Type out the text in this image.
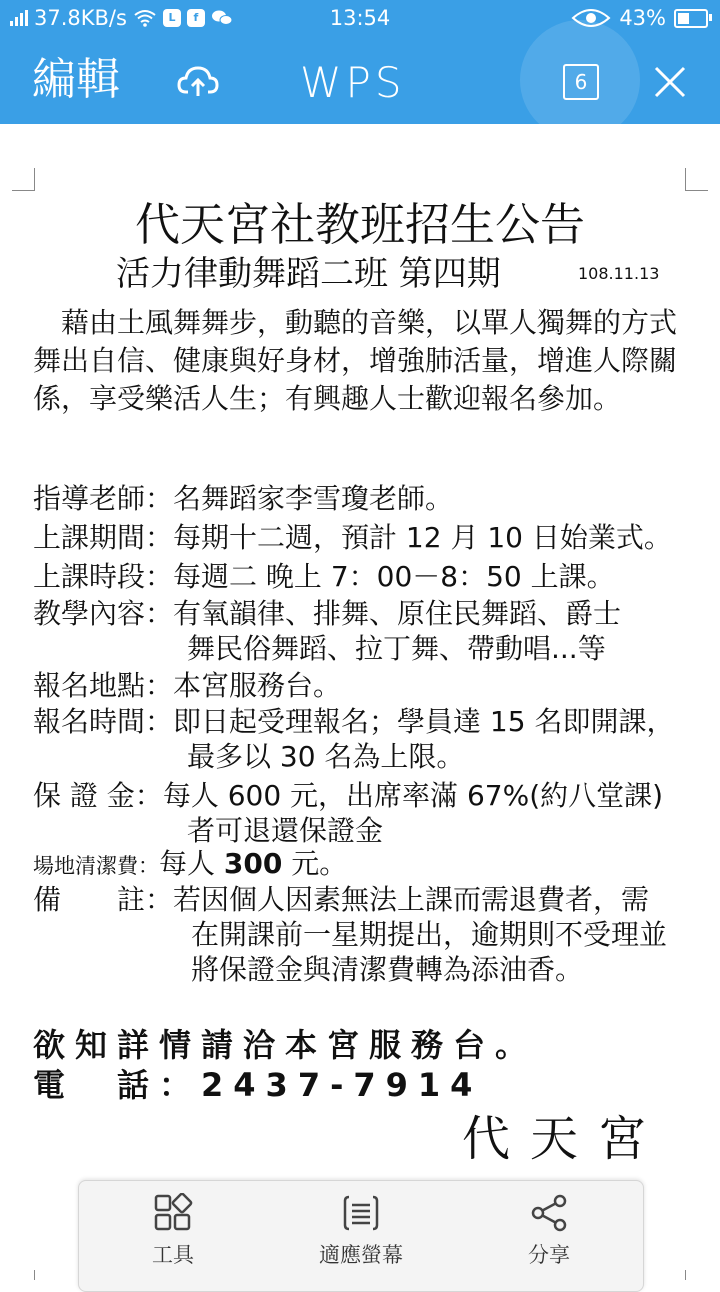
37.8KB/s	L	f	13:54	43%
編輯	WPS	6
代天宮社教班招生公告
活力律動舞蹈二班 第四期	108.11.13
　藉由土風舞舞步，動聽的音樂，以單人獨舞的方式舞出自信、健康與好身材，增強肺活量，增進人際關係，享受樂活人生；有興趣人士歡迎報名參加。
指導老師：名舞蹈家李雪瓊老師。
上課期間：每期十二週，預計 12 月 10 日始業式。
上課時段：每週二 晚上 7：00－8：50 上課。
教學內容：有氧韻律、排舞、原住民舞蹈、爵士
舞民俗舞蹈、拉丁舞、帶動唱...等
報名地點：本宮服務台。
報名時間：即日起受理報名；學員達 15 名即開課，
最多以 30 名為上限。
保 證 金：每人 600 元，出席率滿 67%(約八堂課)
者可退還保證金
場地清潔費：每人 300 元。
備　　註：若因個人因素無法上課而需退費者，需
在開課前一星期提出，逾期則不受理並
將保證金與清潔費轉為添油香。
欲知詳情請洽本宮服務台。
電　話：2437-7914
代天宮
工具	適應螢幕	分享
